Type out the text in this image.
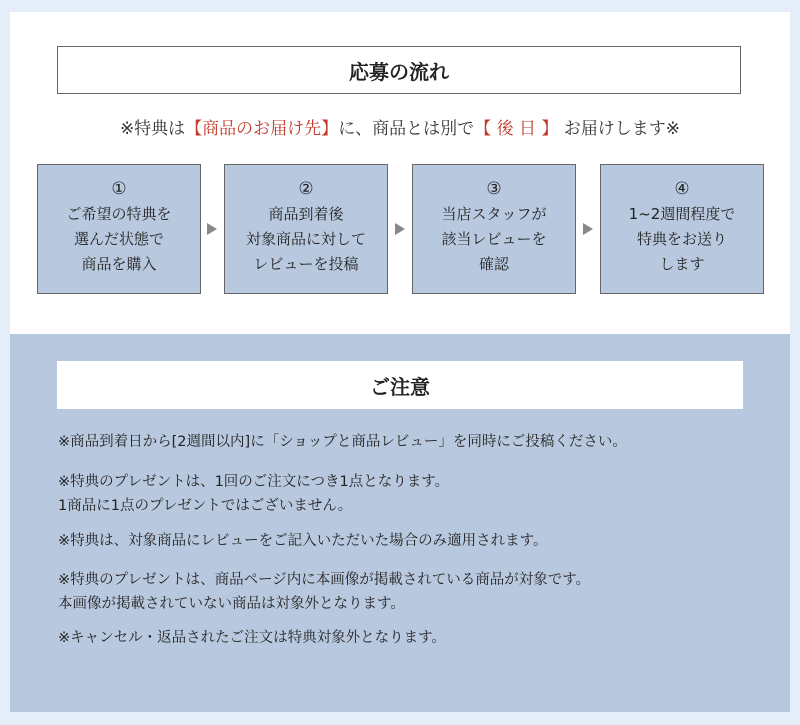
応募の流れ
※特典は【商品のお届け先】に、商品とは別で【 後 日 】 お届けします※
①
ご希望の特典を
選んだ状態で
商品を購入
②
商品到着後
対象商品に対して
レビューを投稿
③
当店スタッフが
該当レビューを
確認
④
1~2週間程度で
特典をお送り
します
ご注意
※商品到着日から[2週間以内]に「ショップと商品レビュー」を同時にご投稿ください。
※特典のプレゼントは、1回のご注文につき1点となります。
1商品に1点のプレゼントではございません。
※特典は、対象商品にレビューをご記入いただいた場合のみ適用されます。
※特典のプレゼントは、商品ページ内に本画像が掲載されている商品が対象です。
本画像が掲載されていない商品は対象外となります。
※キャンセル・返品されたご注文は特典対象外となります。
